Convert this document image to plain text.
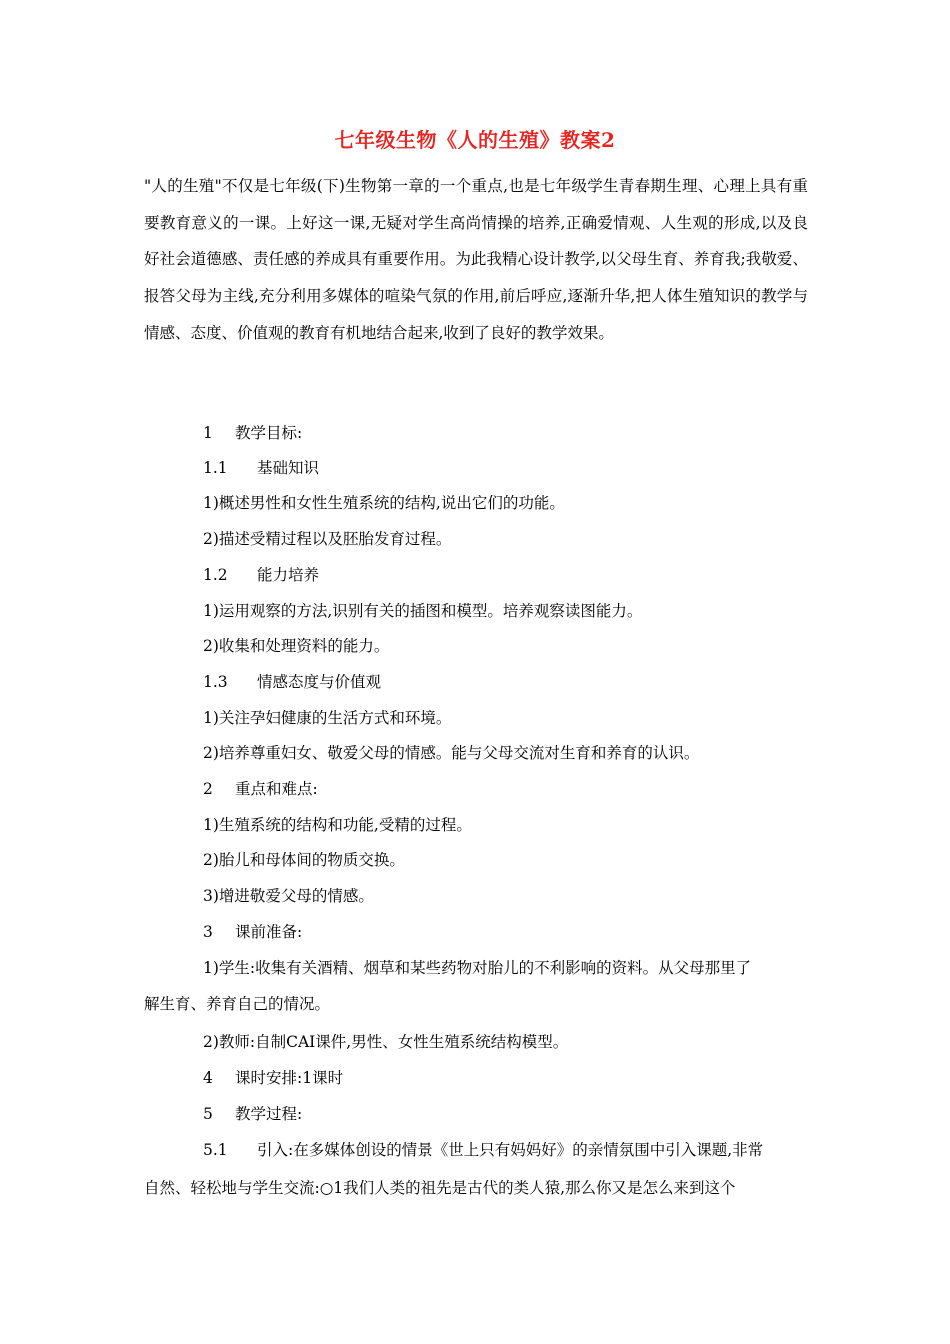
七年级生物《人的生殖》教案2
"人的生殖"不仅是七年级(下)生物第一章的一个重点,也是七年级学生青春期生理、心理上具有重要教育意义的一课。上好这一课,无疑对学生高尚情操的培养,正确爱情观、人生观的形成,以及良好社会道德感、责任感的养成具有重要作用。为此我精心设计教学,以父母生育、养育我;我敬爱、报答父母为主线,充分利用多媒体的喧染气氛的作用,前后呼应,逐渐升华,把人体生殖知识的教学与情感、态度、价值观的教育有机地结合起来,收到了良好的教学效果。
1 教学目标:
1.1 基础知识
1)概述男性和女性生殖系统的结构,说出它们的功能。
2)描述受精过程以及胚胎发育过程。
1.2 能力培养
1)运用观察的方法,识别有关的插图和模型。培养观察读图能力。
2)收集和处理资料的能力。
1.3 情感态度与价值观
1)关注孕妇健康的生活方式和环境。
2)培养尊重妇女、敬爱父母的情感。能与父母交流对生育和养育的认识。
2 重点和难点:
1)生殖系统的结构和功能,受精的过程。
2)胎儿和母体间的物质交换。
3)增进敬爱父母的情感。
3 课前准备:
1)学生:收集有关酒精、烟草和某些药物对胎儿的不利影响的资料。从父母那里了
解生育、养育自己的情况。
2)教师:自制CAI课件,男性、女性生殖系统结构模型。
4 课时安排:1课时
5 教学过程:
5.1 引入:在多媒体创设的情景《世上只有妈妈好》的亲情氛围中引入课题,非常
自然、轻松地与学生交流:○1我们人类的祖先是古代的类人猿,那么你又是怎么来到这个
